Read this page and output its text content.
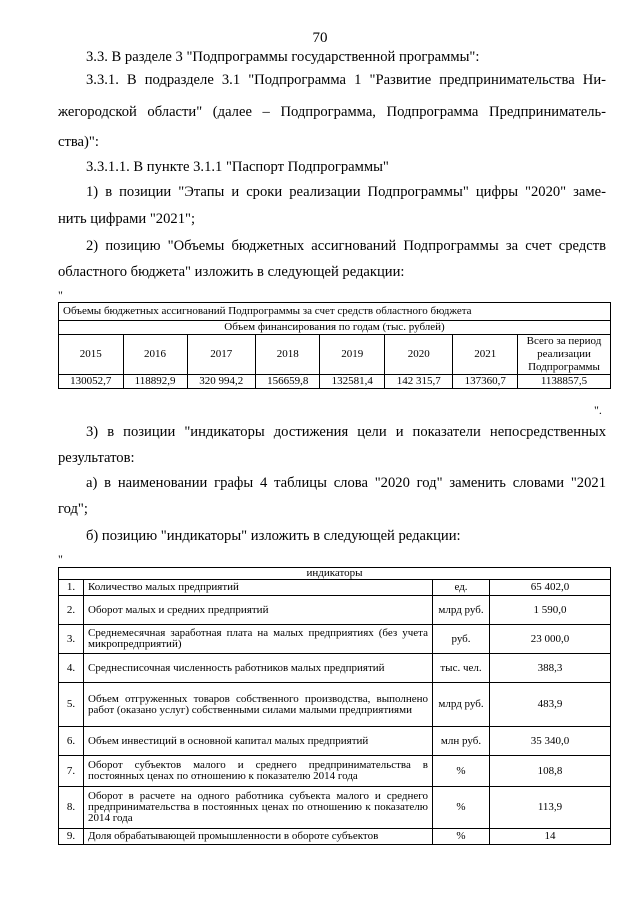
70
3.3. В разделе 3 "Подпрограммы государственной программы":
3.3.1. В подразделе 3.1 "Подпрограмма 1 "Развитие предпринимательства Ни-
жегородской области" (далее – Подпрограмма, Подпрограмма Предприниматель-
ства)":
3.3.1.1. В пункте 3.1.1 "Паспорт Подпрограммы"
1) в позиции "Этапы и сроки реализации Подпрограммы" цифры "2020" заме-
нить цифрами "2021";
2) позицию "Объемы бюджетных ассигнований Подпрограммы за счет средств
областного бюджета" изложить в следующей редакции:
"
Объемы бюджетных ассигнований Подпрограммы за счет средств областного бюджета							
Объем финансирования по годам (тыс. рублей)							
2015	2016	2017	2018	2019	2020	2021	Всего за период реализации Подпрограммы
130052,7	118892,9	320 994,2	156659,8	132581,4	142 315,7	137360,7	1138857,5
".
3) в позиции "индикаторы достижения цели и показатели непосредственных
результатов:
а) в наименовании графы 4 таблицы слова "2020 год" заменить словами "2021
год";
б) позицию "индикаторы" изложить в следующей редакции:
"
индикаторы			
1.	Количество малых предприятий	ед.	65 402,0
2.	Оборот малых и средних предприятий	млрд руб.	1 590,0
3.	Среднемесячная заработная плата на малых предприятиях (без учета микропредприятий)	руб.	23 000,0
4.	Среднесписочная численность работников малых предприятий	тыс. чел.	388,3
5.	Объем отгруженных товаров собственного производства, выполнено работ (оказано услуг) собственными силами малыми предприятиями	млрд руб.	483,9
6.	Объем инвестиций в основной капитал малых предприятий	млн руб.	35 340,0
7.	Оборот субъектов малого и среднего предпринимательства в постоянных ценах по отношению к показателю 2014 года	%	108,8
8.	Оборот в расчете на одного работника субъекта малого и среднего предпринимательства в постоянных ценах по отношению к показателю 2014 года	%	113,9
9.	Доля обрабатывающей промышленности в обороте субъектов	%	14
